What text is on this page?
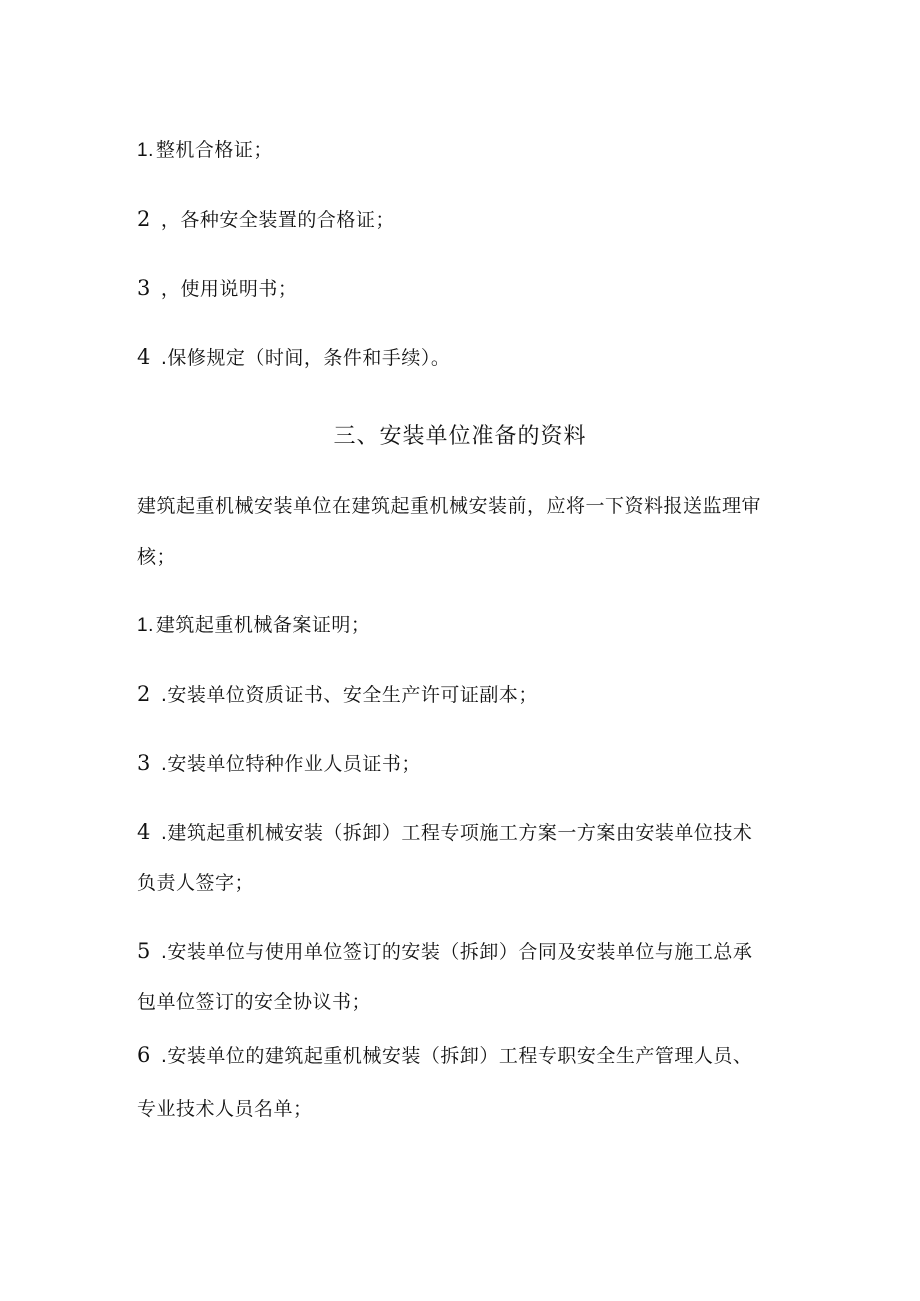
1. 整机合格证；
2 ，各种安全装置的合格证；
3 ，使用说明书；
4 .保修规定（时间，条件和手续）。
三、安装单位准备的资料
建筑起重机械安装单位在建筑起重机械安装前，应将一下资料报送监理审
核；
1. 建筑起重机械备案证明；
2 .安装单位资质证书、安全生产许可证副本；
3 .安装单位特种作业人员证书；
4 .建筑起重机械安装（拆卸）工程专项施工方案一方案由安装单位技术
负责人签字；
5 .安装单位与使用单位签订的安装（拆卸）合同及安装单位与施工总承
包单位签订的安全协议书；
6 .安装单位的建筑起重机械安装（拆卸）工程专职安全生产管理人员、
专业技术人员名单；
